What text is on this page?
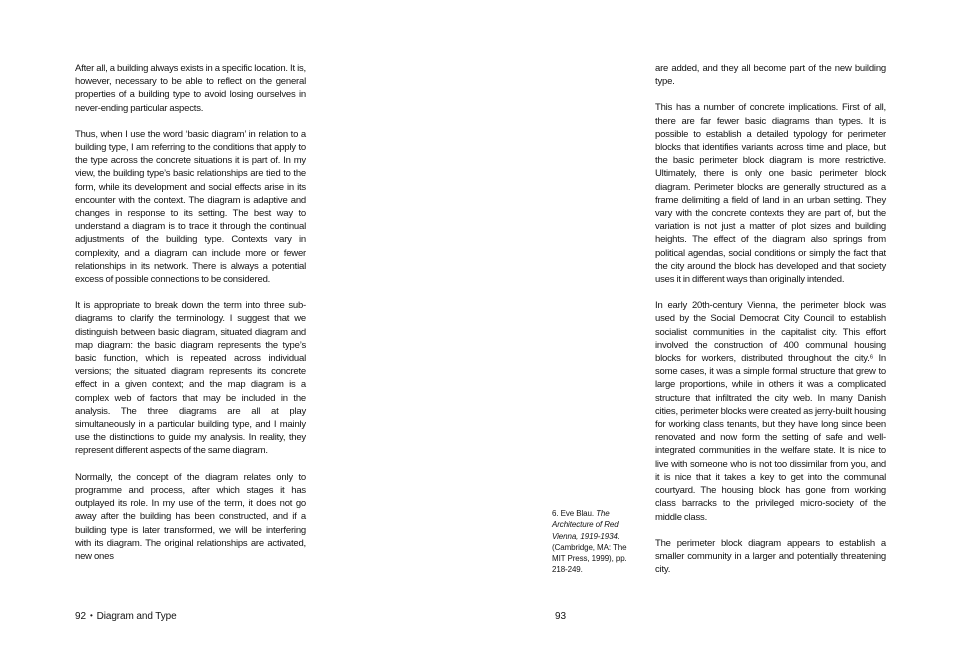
After all, a building always exists in a specific location. It is, however, necessary to be able to reflect on the general properties of a building type to avoid losing ourselves in never-ending particular aspects.

Thus, when I use the word ‘basic diagram’ in relation to a building type, I am referring to the conditions that apply to the type across the concrete situations it is part of. In my view, the building type’s basic relationships are tied to the form, while its development and social effects arise in its encounter with the context. The diagram is adaptive and changes in response to its setting. The best way to understand a diagram is to trace it through the continual adjustments of the building type. Contexts vary in complexity, and a diagram can include more or fewer relationships in its network. There is always a potential excess of possible connections to be considered.

It is appropriate to break down the term into three sub-diagrams to clarify the terminology. I suggest that we distinguish between basic diagram, situated diagram and map diagram: the basic diagram represents the type’s basic function, which is repeated across individual versions; the situated diagram represents its concrete effect in a given context; and the map diagram is a complex web of factors that may be included in the analysis. The three diagrams are all at play simultaneously in a particular building type, and I mainly use the distinctions to guide my analysis. In reality, they represent different aspects of the same diagram.

Normally, the concept of the diagram relates only to programme and process, after which stages it has outplayed its role. In my use of the term, it does not go away after the building has been constructed, and if a building type is later transformed, we will be interfering with its diagram. The original relationships are activated, new ones

92 • Diagram and Type
6. Eve Blau. The Architecture of Red Vienna, 1919-1934. (Cambridge, MA: The MIT Press, 1999), pp. 218-249.

are added, and they all become part of the new building type.

This has a number of concrete implications. First of all, there are far fewer basic diagrams than types. It is possible to establish a detailed typology for perimeter blocks that identifies variants across time and place, but the basic perimeter block diagram is more restrictive. Ultimately, there is only one basic perimeter block diagram. Perimeter blocks are generally structured as a frame delimiting a field of land in an urban setting. They vary with the concrete contexts they are part of, but the variation is not just a matter of plot sizes and building heights. The effect of the diagram also springs from political agendas, social conditions or simply the fact that the city around the block has developed and that society uses it in different ways than originally intended.

In early 20th-century Vienna, the perimeter block was used by the Social Democrat City Council to establish socialist communities in the capitalist city. This effort involved the construction of 400 communal housing blocks for workers, distributed throughout the city.⁶ In some cases, it was a simple formal structure that grew to large proportions, while in others it was a complicated structure that infiltrated the city web. In many Danish cities, perimeter blocks were created as jerry-built housing for working class tenants, but they have long since been renovated and now form the setting of safe and well-integrated communities in the welfare state. It is nice to live with someone who is not too dissimilar from you, and it is nice that it takes a key to get into the communal courtyard. The housing block has gone from working class barracks to the privileged micro-society of the middle class.

The perimeter block diagram appears to establish a smaller community in a larger and potentially threatening city.

93
